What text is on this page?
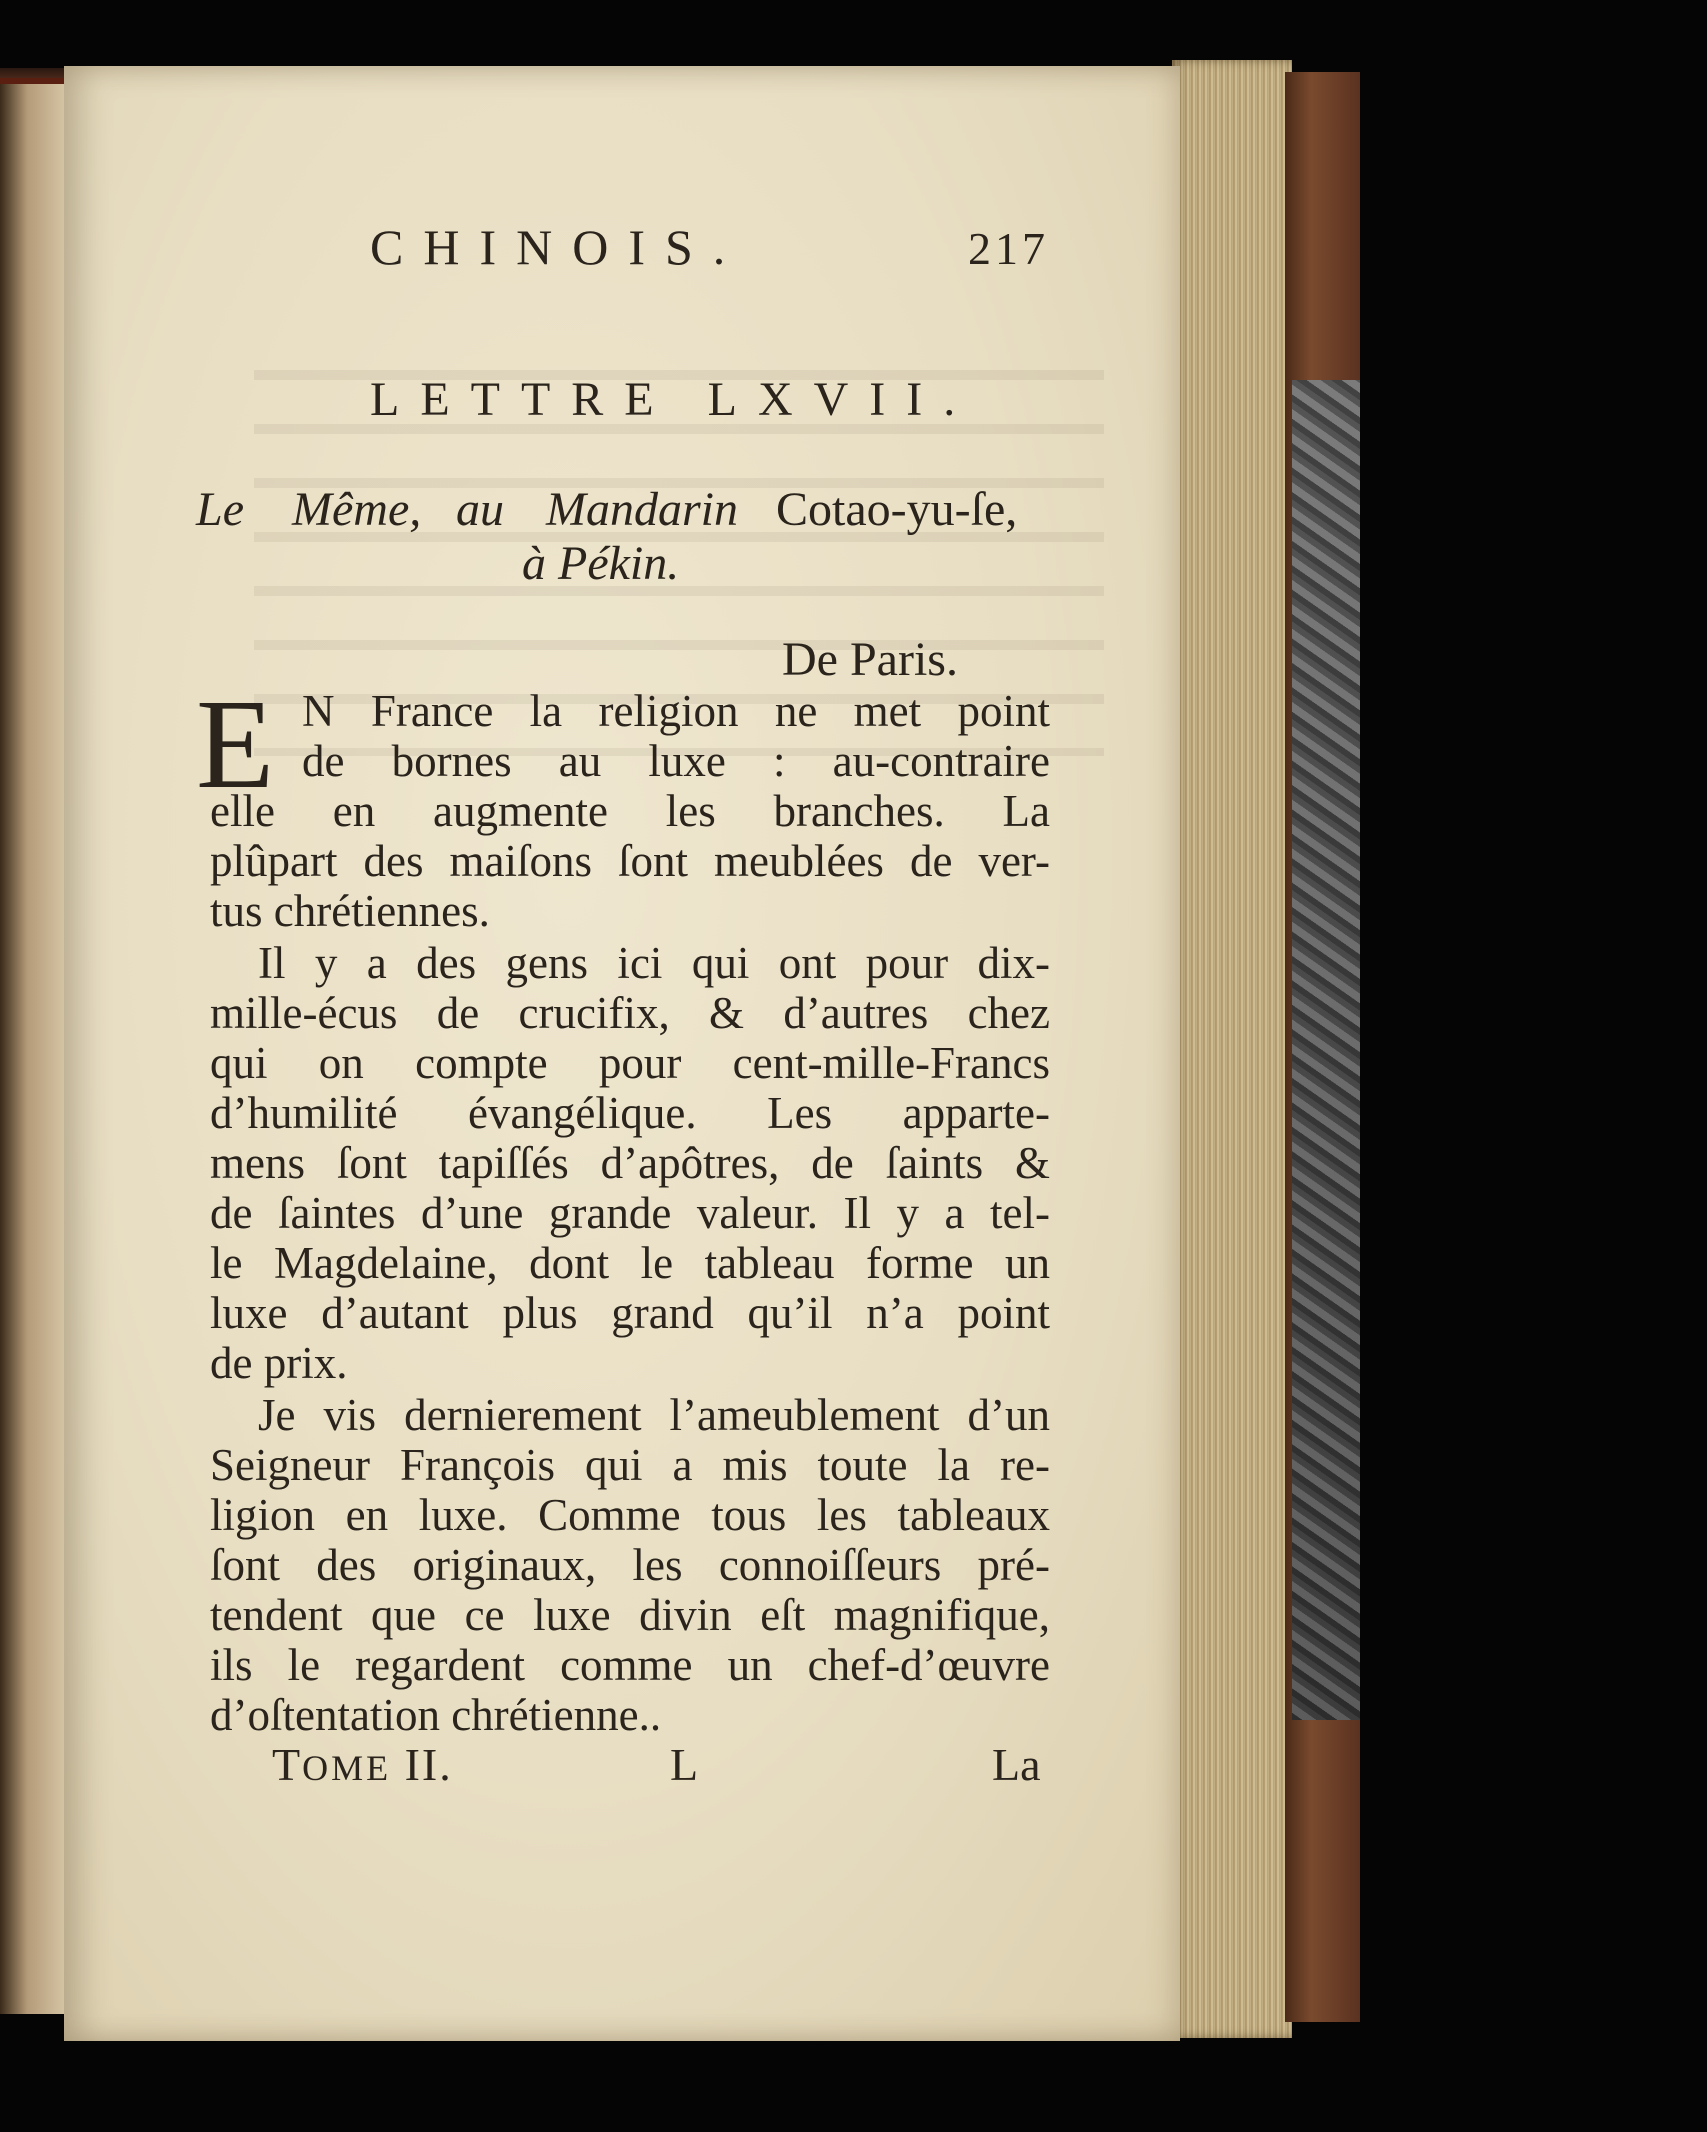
CHINOIS.	217
LETTRE LXVII.
Le Même, au Mandarin Cotao-yu-ſe,
à Pékin.
De Paris.
E N France la religion ne met point
de bornes au luxe : au-contraire
elle en augmente les branches. La
plûpart des maiſons ſont meublées de ver-
tus chrétiennes.
Il y a des gens ici qui ont pour dix-
mille-écus de crucifix, & d’autres chez
qui on compte pour cent-mille-Francs
d’humilité évangélique. Les apparte-
mens ſont tapiſſés d’apôtres, de ſaints &
de ſaintes d’une grande valeur. Il y a tel-
le Magdelaine, dont le tableau forme un
luxe d’autant plus grand qu’il n’a point
de prix.
Je vis dernierement l’ameublement d’un
Seigneur François qui a mis toute la re-
ligion en luxe. Comme tous les tableaux
ſont des originaux, les connoiſſeurs pré-
tendent que ce luxe divin eſt magnifique,
ils le regardent comme un chef-d’œuvre
d’oſtentation chrétienne..
TOME II.	L	La
